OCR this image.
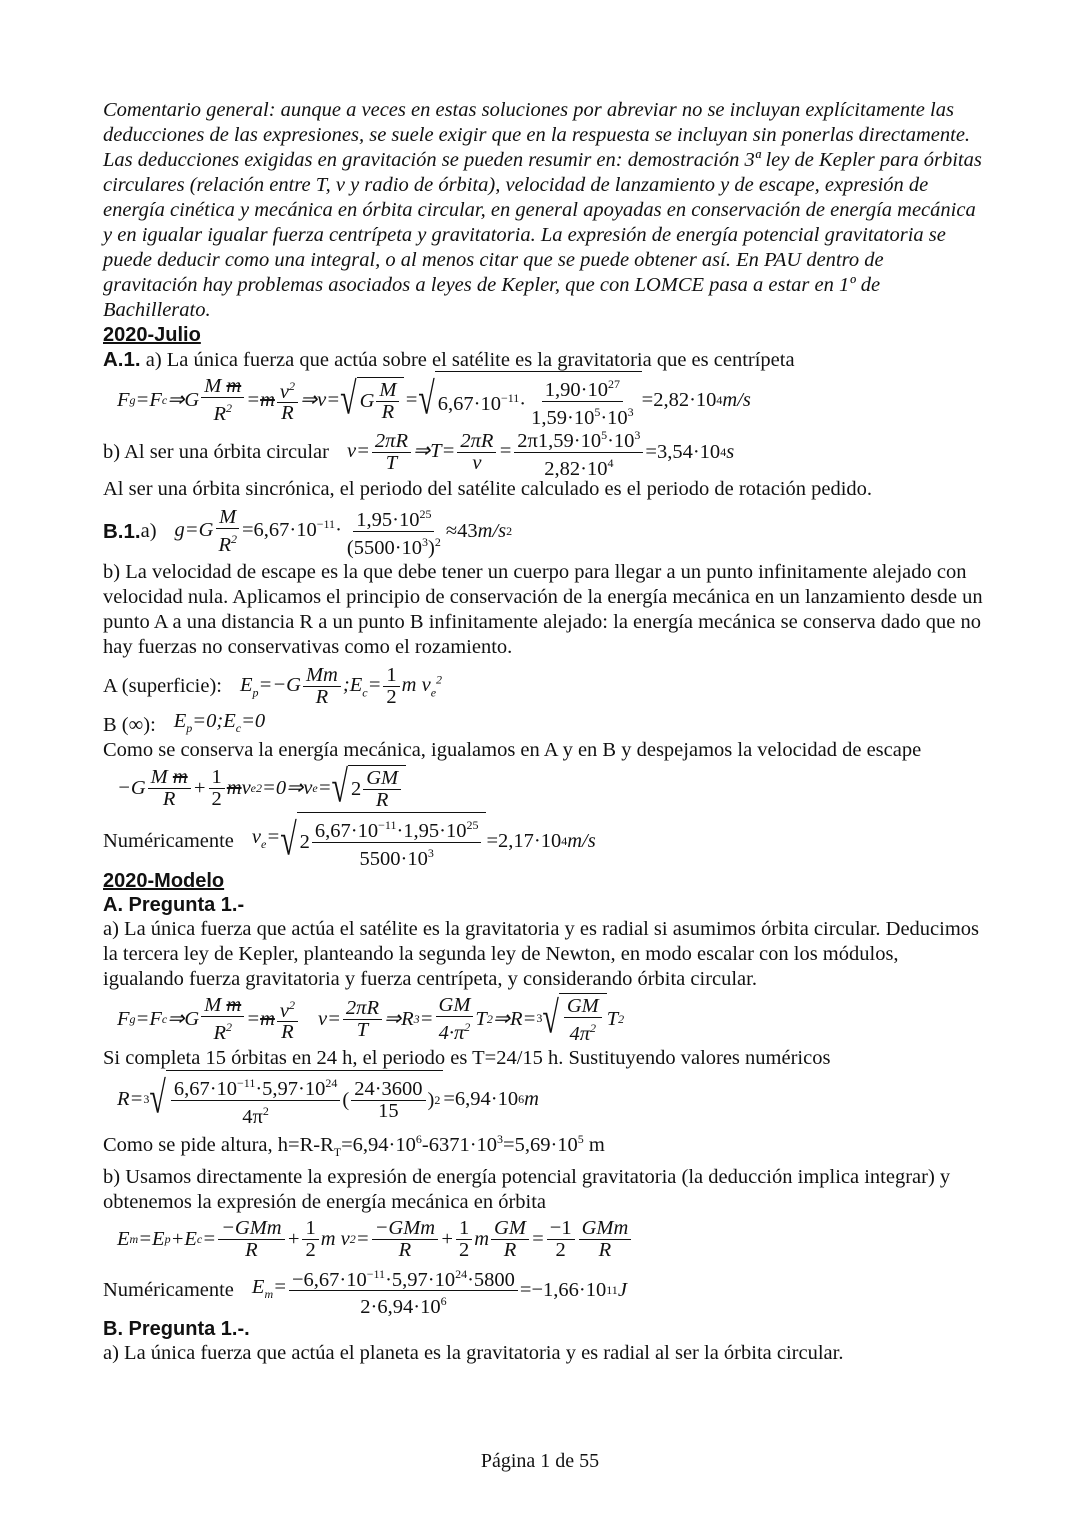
Comentario general: aunque a veces en estas soluciones por abreviar no se incluyan explícitamente las deducciones de las expresiones, se suele exigir que en la respuesta se incluyan sin ponerlas directamente. Las deducciones exigidas en gravitación se pueden resumir en: demostración 3ª ley de Kepler para órbitas circulares (relación entre T, v y radio de órbita), velocidad de lanzamiento y de escape, expresión de energía cinética y mecánica en órbita circular, en general apoyadas en conservación de energía mecánica y en igualar igualar fuerza centrípeta y gravitatoria. La expresión de energía potencial gravitatoria se puede deducir como una integral, o al menos citar que se puede obtener así. En PAU dentro de gravitación hay problemas asociados a leyes de Kepler, que con LOMCE pasa a estar en 1º de Bachillerato.

2020-Julio

A.1. a) La única fuerza que actúa sobre el satélite es la gravitatoria que es centrípeta

F g =F c ⇒G $\frac{\text{M m}}{R^2} = m \frac{v^2}{R}$ ⇒v= √ G $\frac{M}{R}$ = √ $6,67\cdot 10^{-11}\cdot \frac{1,90\cdot 10^{27}}{1,59\cdot 10^5\cdot 10^3} =2,82\cdot 10$ 4 m/s
b) Al ser una órbita circular $v= \frac{2\pi R}{T}$ ⇒T= $\frac{2\pi R}{v} = \frac{2\pi 1,59\cdot 10^5\cdot 10^3}{2,82\cdot 10^4} =3,54\cdot 10$ 4 s

Al ser una órbita sincrónica, el periodo del satélite calculado es el periodo de rotación pedido.

B.1. a) $g=G \frac{M}{R^2} =6,67\cdot 10^{-11}\cdot \frac{1,95\cdot 10^{25}}{(5500\cdot 10^3)^2} \approx 43$ m/s 2

b) La velocidad de escape es la que debe tener un cuerpo para llegar a un punto infinitamente alejado con velocidad nula. Aplicamos el principio de conservación de la energía mecánica en un lanzamiento desde un punto A a una distancia R a un punto B infinitamente alejado: la energía mecánica se conserva dado que no hay fuerzas no conservativas como el rozamiento.

A (superficie): $E_p=-G \frac{Mm}{R}$ $;E_c= \frac{1}{2}$ m $v_e^2$
B (∞): $E_p=0;E_c=0$

Como se conserva la energía mecánica, igualamos en A y en B y despejamos la velocidad de escape

$-G \frac{\text{M m}}{R} + \frac{1}{2}$ m v e 2 =0⇒v e = √ $2 \frac{GM}{R}$
Numéricamente $v_e=$ √ $2 \frac{6,67\cdot 10^{-11}\cdot 1,95\cdot 10^{25}}{5500\cdot 10^3} =2,17\cdot 10$ 4 m/s

2020-Modelo

A. Pregunta 1.-

a) La única fuerza que actúa el satélite es la gravitatoria y es radial si asumimos órbita circular. Deducimos la tercera ley de Kepler, planteando la segunda ley de Newton, en modo escalar con los módulos, igualando fuerza gravitatoria y fuerza centrípeta, y considerando órbita circular.

F g =F c ⇒G $\frac{\text{M m}}{R^2} = m \frac{v^2}{R} v= \frac{2\pi R}{T}$ ⇒R $3 = \frac{GM}{4\cdot\pi^2}$ T 2 ⇒R= 3 √ $\frac{GM}{4\pi^2}$ T 2

Si completa 15 órbitas en 24 h, el periodo es T=24/15 h. Sustituyendo valores numéricos

R= 3 √ $\frac{6,67\cdot 10^{-11}\cdot 5,97\cdot 10^{24}}{4\pi^2}$ ( $\frac{24\cdot 3600}{15}$ ) 2 =6,94·10 6 m

Como se pide altura, $h=R-R_T=6,94\cdot 10^6-6371\cdot 10^3=5,69\cdot 10^5$ m

b) Usamos directamente la expresión de energía potencial gravitatoria (la deducción implica integrar) y obtenemos la expresión de energía mecánica en órbita

E m =E p +E $c = \frac{\text{−GMm}}{R} + \frac{1}{2}$ m v $2 = \frac{\text{−GMm}}{R} + \frac{1}{2}$ m $\frac{GM}{R} = \frac{-1}{2} \frac{\text{GMm}}{R}$
Numéricamente $E_m= \frac{-6,67\cdot 10^{-11}\cdot 5,97\cdot 10^{24}\cdot 5800}{2\cdot 6,94\cdot 10^6} =-1,66\cdot 10$ 11 J

B. Pregunta 1.-.

a) La única fuerza que actúa el planeta es la gravitatoria y es radial al ser la órbita circular.

Página 1 de 55
